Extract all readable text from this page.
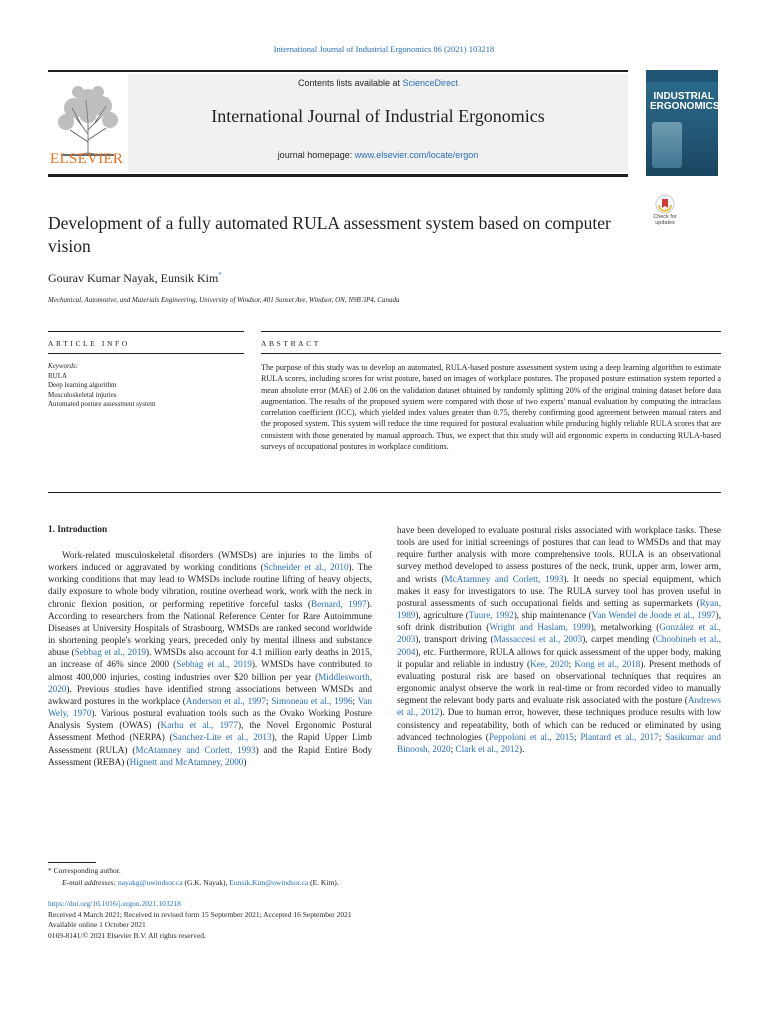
International Journal of Industrial Ergonomics 86 (2021) 103218
ELSEVIER
Contents lists available at ScienceDirect
International Journal of Industrial Ergonomics
journal homepage: www.elsevier.com/locate/ergon
INDUSTRIAL ERGONOMICS
Development of a fully automated RULA assessment system based on computer vision
Check for updates
Gourav Kumar Nayak, Eunsik Kim*
Mechanical, Automotive, and Materials Engineering, University of Windsor, 401 Sunset Ave, Windsor, ON, N9B 3P4, Canada
ARTICLE INFO	ABSTRACT
Keywords:
RULA
Deep learning algorithm
Musculoskeletal injuries
Automated posture assessment system
The purpose of this study was to develop an automated, RULA-based posture assessment system using a deep learning algorithm to estimate RULA scores, including scores for wrist posture, based on images of workplace postures. The proposed posture estimation system reported a mean absolute error (MAE) of 2.06 on the validation dataset obtained by randomly splitting 20% of the original training dataset before data augmentation. The results of the proposed system were compared with those of two experts' manual evaluation by computing the intraclass correlation coefficient (ICC), which yielded index values greater than 0.75, thereby confirming good agreement between manual raters and the proposed system. This system will reduce the time required for postural evaluation while producing highly reliable RULA scores that are consistent with those generated by manual approach. Thus, we expect that this study will aid ergonomic experts in conducting RULA-based surveys of occupational postures in workplace conditions.
1. Introduction
Work-related musculoskeletal disorders (WMSDs) are injuries to the limbs of workers induced or aggravated by working conditions (Schneider et al., 2010). The working conditions that may lead to WMSDs include routine lifting of heavy objects, daily exposure to whole body vibration, routine overhead work, work with the neck in chronic flexion position, or performing repetitive forceful tasks (Bernard, 1997). According to researchers from the National Reference Center for Rare Autoimmune Diseases at University Hospitals of Strasbourg, WMSDs are ranked second worldwide in shortening people's working years, preceded only by mental illness and substance abuse (Sebbag et al., 2019). WMSDs also account for 4.1 million early deaths in 2015, an increase of 46% since 2000 (Sebbag et al., 2019). WMSDs have contributed to almost 400,000 injuries, costing industries over $20 billion per year (Middlesworth, 2020). Previous studies have identified strong associations between WMSDs and awkward postures in the workplace (Anderson et al., 1997; Simoneau et al., 1996; Van Wely, 1970). Various postural evaluation tools such as the Ovako Working Posture Analysis System (OWAS) (Karhu et al., 1977), the Novel Ergonomic Postural Assessment Method (NERPA) (Sanchez-Lite et al., 2013), the Rapid Upper Limb Assessment (RULA) (McAtamney and Corlett, 1993) and the Rapid Entire Body Assessment (REBA) (Hignett and McAtamney, 2000)
have been developed to evaluate postural risks associated with workplace tasks. These tools are used for initial screenings of postures that can lead to WMSDs and that may require further analysis with more comprehensive tools. RULA is an observational survey method developed to assess postures of the neck, trunk, upper arm, lower arm, and wrists (McAtamney and Corlett, 1993). It needs no special equipment, which makes it easy for investigators to use. The RULA survey tool has proven useful in postural assessments of such occupational fields and setting as supermarkets (Ryan, 1989), agriculture (Tuure, 1992), ship maintenance (Van Wendel de Joode et al., 1997), soft drink distribution (Wright and Haslam, 1999), metalworking (González et al., 2003), transport driving (Massaccesi et al., 2003), carpet mending (Choobineh et al., 2004), etc. Furthermore, RULA allows for quick assessment of the upper body, making it popular and reliable in industry (Kee, 2020; Kong et al., 2018). Present methods of evaluating postural risk are based on observational techniques that requires an ergonomic analyst observe the work in real-time or from recorded video to manually segment the relevant body parts and evaluate risk associated with the posture (Andrews et al., 2012). Due to human error, however, these techniques produce results with low consistency and repeatability, both of which can be reduced or eliminated by using advanced technologies (Peppoloni et al., 2015; Plantard et al., 2017; Sasikumar and Binoosh, 2020; Clark et al., 2012).
* Corresponding author.
E-mail addresses: nayakg@uwindsor.ca (G.K. Nayak), Eunsik.Kim@uwindsor.ca (E. Kim).
https://doi.org/10.1016/j.ergon.2021.103218
Received 4 March 2021; Received in revised form 15 September 2021; Accepted 16 September 2021
Available online 1 October 2021
0169-8141/© 2021 Elsevier B.V. All rights reserved.
